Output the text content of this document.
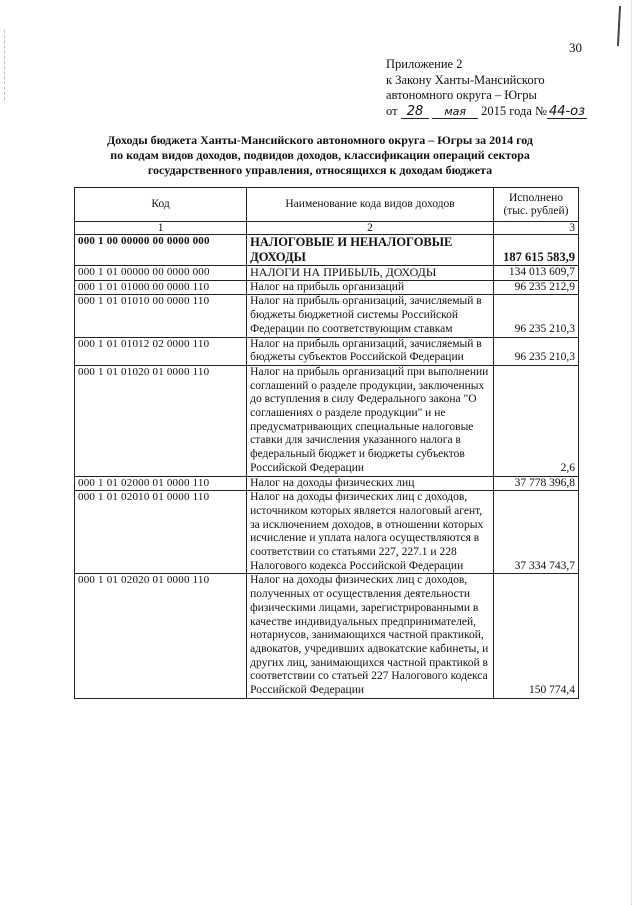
30
Приложение 2
к Закону Ханты-Мансийского
автономного округа – Югры
от 28 мая 2015 года № 44-оз
Доходы бюджета Ханты-Мансийского автономного округа – Югры за 2014 год
по кодам видов доходов, подвидов доходов, классификации операций сектора
государственного управления, относящихся к доходам бюджета
Код	Наименование кода видов доходов	Исполнено (тыс. рублей)
1	2	3
000 1 00 00000 00 0000 000	НАЛОГОВЫЕ И НЕНАЛОГОВЫЕ ДОХОДЫ	187 615 583,9
000 1 01 00000 00 0000 000	НАЛОГИ НА ПРИБЫЛЬ, ДОХОДЫ	134 013 609,7
000 1 01 01000 00 0000 110	Налог на прибыль организаций	96 235 212,9
000 1 01 01010 00 0000 110	Налог на прибыль организаций, зачисляемый в бюджеты бюджетной системы Российской Федерации по соответствующим ставкам	96 235 210,3
000 1 01 01012 02 0000 110	Налог на прибыль организаций, зачисляемый в бюджеты субъектов Российской Федерации	96 235 210,3
000 1 01 01020 01 0000 110	Налог на прибыль организаций при выполнении соглашений о разделе продукции, заключенных до вступления в силу Федерального закона "О соглашениях о разделе продукции" и не предусматривающих специальные налоговые ставки для зачисления указанного налога в федеральный бюджет и бюджеты субъектов Российской Федерации	2,6
000 1 01 02000 01 0000 110	Налог на доходы физических лиц	37 778 396,8
000 1 01 02010 01 0000 110	Налог на доходы физических лиц с доходов, источником которых является налоговый агент, за исключением доходов, в отношении которых исчисление и уплата налога осуществляются в соответствии со статьями 227, 227.1 и 228 Налогового кодекса Российской Федерации	37 334 743,7
000 1 01 02020 01 0000 110	Налог на доходы физических лиц с доходов, полученных от осуществления деятельности физическими лицами, зарегистрированными в качестве индивидуальных предпринимателей, нотариусов, занимающихся частной практикой, адвокатов, учредивших адвокатские кабинеты, и других лиц, занимающихся частной практикой в соответствии со статьей 227 Налогового кодекса Российской Федерации	150 774,4
